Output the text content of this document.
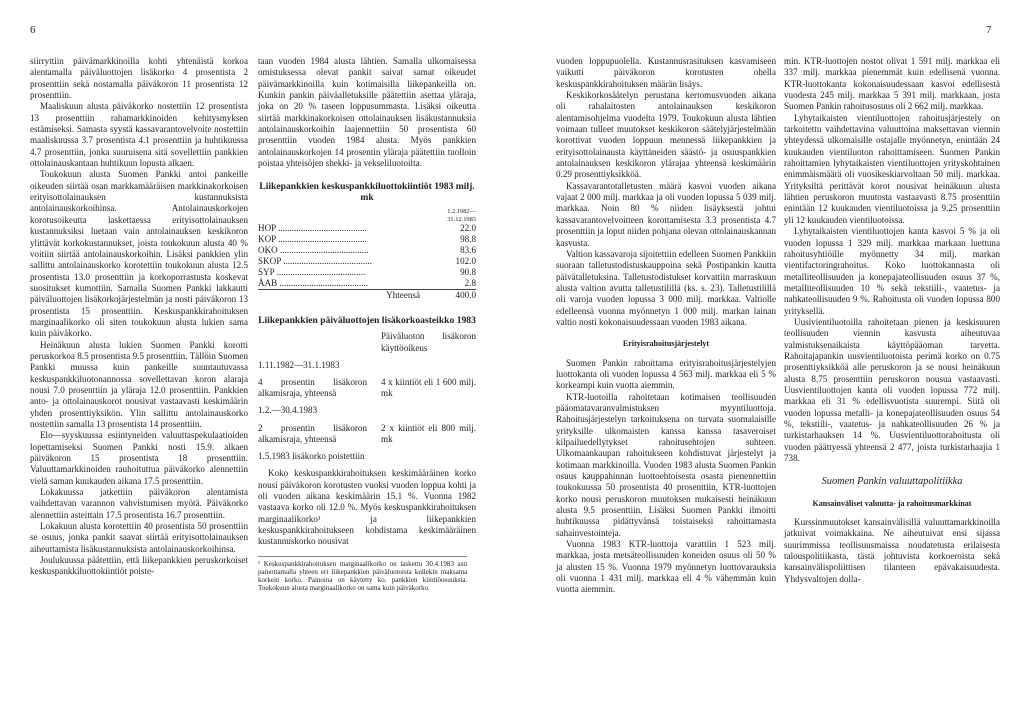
6	7

siirryttiin päivämarkkinoilla kohti yhtenäistä korkoa alentamalla päiväluottojen lisäkorko 4 prosentista 2 prosenttiin sekä nostamalla päiväkoron 11 prosentista 12 prosenttiin.

Maaliskuun alusta päiväkorko nostettiin 12 prosentista 13 prosenttiin rahamarkkinoiden kehitysmyksen estämiseksi. Samasta syystä kassavarantovelvoite nostettiin maaliskuussa 3.7 prosentista 4.1 prosenttiin ja huhtikuussa 4.7 prosenttiin, jonka suuruisena sitä sovellettiin pankkien ottolainauskantaan huhtikuun lopusta alkaen.

Toukokuun alusta Suomen Pankki antoi pankeille oikeuden siirtää osan markkamääräisen markkinakorkoisen erityisottolainauksen kustannuksista antolainauskorkoihinsa. Antolainauskorkojen korotusoikeutta laskettaessa erityisottolainauksen kustannuksiksi luetaan vain antolainauksen keskikoron ylittävät korkokustannukset, joista toukokuun alusta 40 % voitiin siirtää antolainauskorkoihin. Lisäksi pankkien ylin sallittu antolainauskorko korotettiin toukokuun alusta 12.5 prosentista 13.0 prosenttiin ja korkoporrastusta koskevat suositukset kumottiin. Samalla Suomen Pankki lakkautti päiväluottojen lisäkorkojärjestelmän ja nosti päiväkoron 13 prosentista 15 prosenttiin. Keskuspankkirahoituksen marginaalikorko oli siten toukokuun alusta lukien sama kuin päiväkorko.

Heinäkuun alusta lukien Suomen Pankki korotti peruskorkoa 8.5 prosentista 9.5 prosenttiin. Tällöin Suomen Pankki muussa kuin pankeille suuntautuvassa keskuspankkiluotonannossa sovellettavan koron alaraja nousi 7.0 prosenttiin ja yläraja 12.0 prosenttiin. Pankkien anto- ja ottolainauskorot nousivat vastaavasti keskimäärin yhden prosenttiyksikön. Ylin sallittu antolainauskorko nostettiin samalla 13 prosentista 14 prosenttiin.

Elo—syyskuussa esiintyneiden valuuttaspekulaatioiden lopettamiseksi Suomen Pankki nosti 15.9. alkaen päiväkoron 15 prosentista 18 prosenttiin. Valuuttamarkkinoiden rauhoituttua päiväkorko alennettiin vielä saman kuukauden aikana 17.5 prosenttiin.

Lokakuussa jatkettiin päiväkoron alentamista vaihdettavan varannon vahvistumisen myötä. Päiväkorko alennettiin asteittain 17.5 prosentista 16.7 prosenttiin.

Lokakuun alusta korotettiin 40 prosentista 50 prosenttiin se osuus, jonka pankit saavat siirtää erityisottolainauksen aiheuttamista lisäkustannuksista antolainauskorkoihinsa.

Joulukuussa päätettiin, että liikepankkien peruskorkoiset keskuspankkiluottokiintiöt poiste-

taan vuoden 1984 alusta lähtien. Samalla ulkomaisessa omistuksessa olevat pankit saivat samat oikeudet päivämarkkinoilla kuin kotimaisilla liikepankeilla on. Kunkin pankin päiväalletuksille päätettiin asettaa yläraja, joka on 20 % taseen loppusummasta. Lisäksi oikeutta siirtää markkinakorkoisen ottolainauksen lisäkustannuksia antolainauskorkoihin laajennettiin 50 prosentista 60 prosenttiin vuoden 1984 alusta. Myös pankkien antolainauskorkojen 14 prosentin yläraja päätettiin tuolloin poistaa yhteisöjen shekki- ja vekseliluotoilta.

Liikepankkien keskuspankkiluottokiintiöt 1983 milj. mk
	1.2.1982— 31.12.1983
HOP .......................................	22.0
KOP .......................................	98.8
OKO .......................................	83.6
SKOP .......................................	102.0
SYP .......................................	90.8
ÅAB .......................................	2.8
Yhteensä	400.0
Liikepankkien päiväluottojen lisäkorkoasteikko 1983
	Päiväluoton lisäkoron käyttöoikeus
1.11.1982—31.1.1983	
4 prosentin lisäkoron alkamisraja, yhteensä	4 x kiintiöt eli 1 600 milj. mk
1.2.—30.4.1983	
2 prosentin lisäkoron alkamisraja, yhteensä	2 x kiintiöt eli 800 milj. mk
1.5.1983 lisäkorko poistettiin	

Koko keskuspankkirahoituksen keskimääräinen korko nousi päiväkoron korotusten vuoksi vuoden loppua kohti ja oli vuoden aikana keskimäärin 15.1 %. Vuonna 1982 vastaava korko oli 12.0 %. Myös keskuspankkirahoituksen marginaalikorko¹ ja liikepankkien keskuspankkirahoitukseen kohdistama keskimääräinen kustannuskorko nousivat

¹ Keskuspankkirahoituksen marginaalikorko on laskettu 30.4.1983 asti painottamalla yhteen eri liikepankkien päiväluotoista kullekin maksama korkein korko. Painoina on käytetty ko. pankkien kiintiöosuuksia. Toukokuun alusta marginaalikorko on sama kuin päiväkorko.

vuoden loppupuolella. Kustannusrasituksen kasvamiseen vaikutti päiväkoron korotusten ohella keskuspankkirahoituksen määrän lisäys.

Keskikorkosäätelyn perustana kertomusvuoden aikana oli rahalaitosten antolainauksen keskikoron alentamisohjelma vuodelta 1979. Toukokuun alusta lähtien voimaan tulleet muutokset keskikoron säätelyjärjestelmään korottivat vuoden loppuun mennessä liikepankkien ja erityisottolainausta käyttäneiden säästö- ja osuuspankkien antolainauksen keskikoron ylärajaa yhteensä keskimäärin 0.29 prosenttiyksikköä.

Kassavarantotalletusten määrä kasvoi vuoden aikana vajaat 2 000 milj. markkaa ja oli vuoden lopussa 5 039 milj. markkaa. Noin 80 % niiden lisäyksestä johtui kassavarantovelvoitteen korottamisesta 3.3 prosentista 4.7 prosenttiin ja loput niiden pohjana olevan ottolainauskannan kasvusta.

Valtion kassavaroja sijoitettiin edelleen Suomen Pankkiin suoraan talletustodistuskauppoina sekä Postipankin kautta päivätalletuksina. Talletustodistukset korvattiin marraskuun alusta valtion avutta talletustilillä (ks. s. 23). Talletustilillä oli varoja vuoden lopussa 3 000 milj. markkaa. Valtiolle edelleensä vuonna myönnetyn 1 000 milj. markan lainan valtio nosti kokonaisuudessaan vuoden 1983 aikana.

Erityisrahoitusjärjestelyt

Suomen Pankin rahoittama erityisrahoitusjärjestelyjen luottokanta oli vuoden lopussa 4 563 milj. markkaa eli 5 % korkeampi kuin vuotta aiemmin.

KTR-luotoilla rahoitetaan kotimaisen teollisuuden pääomatavaranvalmistuksen myyntiluottoja. Rahoitusjärjestelyn tarkoituksena on turvata suomalaisille yrityksille ulkomaisten kanssa kanssa tasaveroiset kilpailuedellytykset rahoitusehtojen suhteen. Ulkomaankaupan rahoitukseen kohdistuvat järjestelyt ja kotimaan markkinoilla. Vuoden 1983 alusta Suomen Pankin osuus kauppahinnan luottoehtoisesta osasta pienennettiin toukokuussa 50 prosentista 40 prosenttiin, KTR-luottojen korko nousi peruskoron muutoksen mukaisesti heinäkuun alusta 9.5 prosenttiin. Lisäksi Suomen Pankki ilmoitti huhtikuussa pidättyvänsä toistaiseksi rahoittamasta sahainvestointeja.

Vuonna 1983 KTR-luottoja varattiin 1 523 milj. markkaa, josta metsäteollisuuden koneiden osuus oli 50 % ja alusten 15 %. Vuonna 1979 myönnetyn luottovarauksia oli vuonna 1 431 milj. markkaa eli 4 % vähemmän kuin vuotta aiemmin.

min. KTR-luottojen nostot olivat 1 591 milj. markkaa eli 337 milj. markkaa pienemmät kuin edellisenä vuonna. KTR-luottokanta kokonaisuudessaan kasvoi edellisestä vuodesta 245 milj. markkaa 5 391 milj. markkaan, josta Suomen Pankin rahoitusosuus oli 2 662 milj. markkaa.

Lyhytaikaisten vientiluottojen rahoitusjärjestely on tarkoitettu vaihdettavina valuuttoina maksettavan viennin yhteydessä ulkomaisille ostajalle myönnetyn, enintään 24 kuukauden vientiluoton rahoittamiseen. Suomen Pankin rahoittamien lyhytaikaisten vientiluottojen yrityskohtainen enimmäismäärä oli vuosikeskiarvoltaan 50 milj. markkaa. Yrityksiltä perittävät korot nousivat heinäkuun alusta lähtien peruskoron muutosta vastaavasti 8.75 prosenttiin enintään 12 kuukauden vientiluotoissa ja 9.25 prosenttiin yli 12 kuukauden vientiluotoissa.

Lyhytaikaisten vientiluottojen kanta kasvoi 5 % ja oli vuoden lopussa 1 329 milj. markkaa markaan luettuna rahoitusyhtiöille myönnetty 34 milj. markan vientifactoringrahoitus. Koko luottokannasta oli metalliteollisuuden ja konepajateollisuuden osuus 37 %, metalliteollisuuden 10 % sekä tekstiili-, vaatetus- ja nahkateollisuuden 9 %. Rahoitusta oli vuoden lopussa 800 yrityksellä.

Uusivientiluotoilla rahoitetaan pienen ja keskisuuren teollisuuden viennin kasvusta aiheutuvaa valmistuksenaikaista käyttöpääoman tarvetta. Rahoitajapankin uusvientiluotoista perimä korko on 0.75 prosenttiyksikköä alle peruskoron ja se nousi heinäkuun alusta 8.75 prosenttiin peruskoron nousua vastaavasti. Uusvientiluottojen kanta oli vuoden lopussa 772 milj. markkaa eli 31 % edellisvuotista suurempi. Siitä oli vuoden lopussa metalli- ja konepajateollisuuden osuus 54 %, tekstiili-, vaatetus- ja nahkateollisuuden 26 % ja turkistarhauksen 14 %. Uusvientiluottorahoitusta oli vuoden päättyessä yhteensä 2 477, joista turkistarhaajia 1 738.

Suomen Pankin valuuttapolitiikka
Kansainväliset valuutta- ja rahoitusmarkkinat

Kurssinmuutokset kansainvälisillä valuuttamarkkinoilla jatkuivat voimakkaina. Ne aiheutuivat ensi sijassa suurimmissa teollisuusmaissa noudatetusta erilaisesta talouspolitiikasta, tästä johtuvista korkoeroista sekä kansainvälispoliittisen tilanteen epävakaisuudesta. Yhdysvaltojen dolla-
